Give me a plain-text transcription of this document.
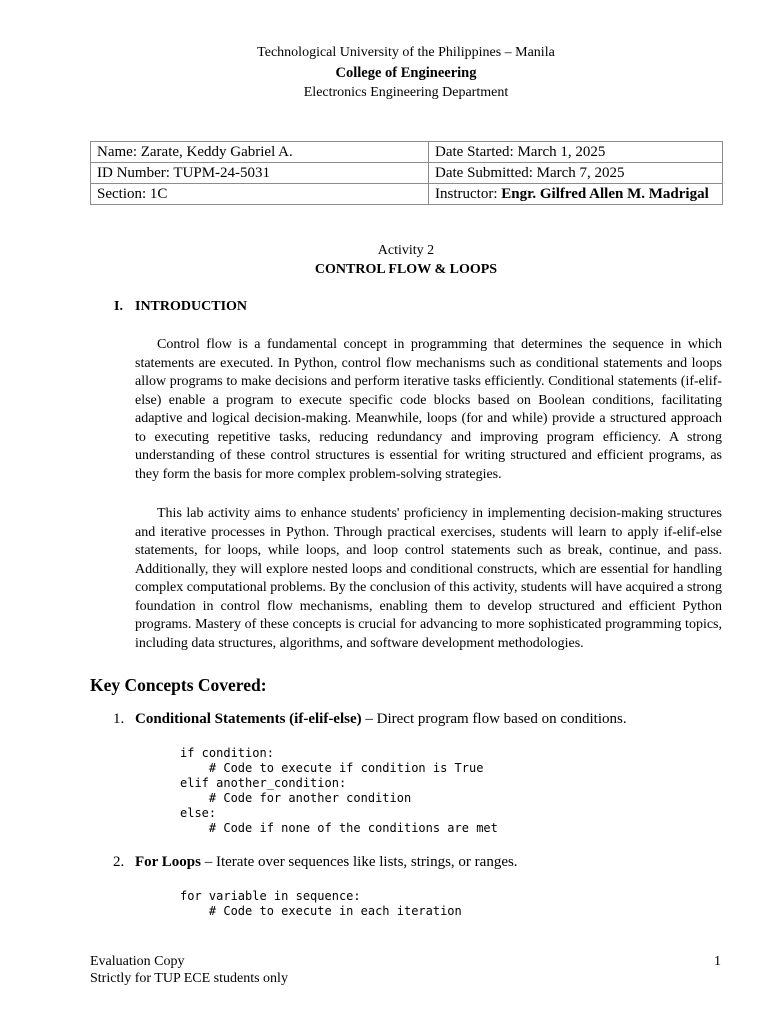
Technological University of the Philippines – Manila
College of Engineering
Electronics Engineering Department
Name: Zarate, Keddy Gabriel A.	Date Started: March 1, 2025
ID Number: TUPM-24-5031	Date Submitted: March 7, 2025
Section: 1C	Instructor: Engr. Gilfred Allen M. Madrigal
Activity 2
CONTROL FLOW & LOOPS
I. INTRODUCTION
Control flow is a fundamental concept in programming that determines the sequence in which statements are executed. In Python, control flow mechanisms such as conditional statements and loops allow programs to make decisions and perform iterative tasks efficiently. Conditional statements (if-elif-else) enable a program to execute specific code blocks based on Boolean conditions, facilitating adaptive and logical decision-making. Meanwhile, loops (for and while) provide a structured approach to executing repetitive tasks, reducing redundancy and improving program efficiency. A strong understanding of these control structures is essential for writing structured and efficient programs, as they form the basis for more complex problem-solving strategies.
This lab activity aims to enhance students' proficiency in implementing decision-making structures and iterative processes in Python. Through practical exercises, students will learn to apply if-elif-else statements, for loops, while loops, and loop control statements such as break, continue, and pass. Additionally, they will explore nested loops and conditional constructs, which are essential for handling complex computational problems. By the conclusion of this activity, students will have acquired a strong foundation in control flow mechanisms, enabling them to develop structured and efficient Python programs. Mastery of these concepts is crucial for advancing to more sophisticated programming topics, including data structures, algorithms, and software development methodologies.
Key Concepts Covered:
1. Conditional Statements (if-elif-else) – Direct program flow based on conditions.
if condition:
# Code to execute if condition is True
elif another_condition:
# Code for another condition
else:
# Code if none of the conditions are met
2. For Loops – Iterate over sequences like lists, strings, or ranges.
for variable in sequence:
# Code to execute in each iteration
Evaluation Copy
Strictly for TUP ECE students only
1
